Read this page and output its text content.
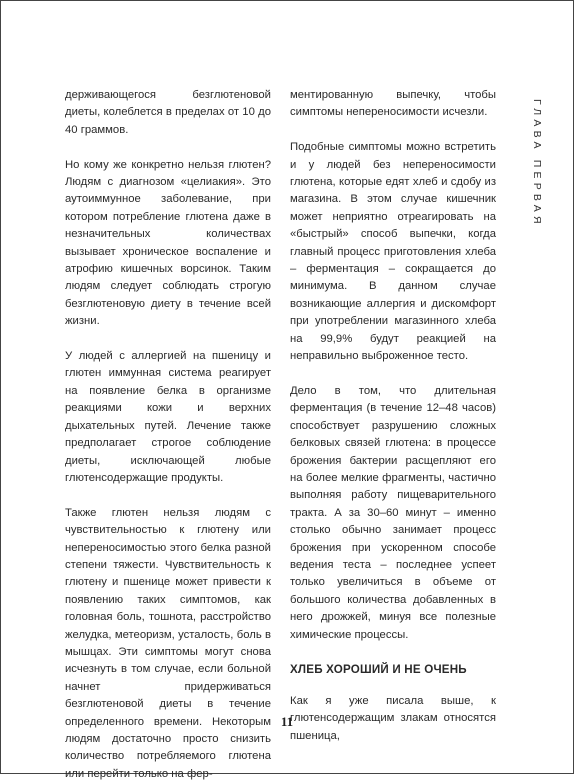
держивающегося безглютеновой диеты, колеблется в пределах от 10 до 40 граммов.

Но кому же конкретно нельзя глютен? Людям с диагнозом «целиакия». Это аутоиммунное заболевание, при котором потребление глютена даже в незначительных количествах вызывает хроническое воспаление и атрофию кишечных ворсинок. Таким людям следует соблюдать строгую безглютеновую диету в течение всей жизни.

У людей с аллергией на пшеницу и глютен иммунная система реагирует на появление белка в организме реакциями кожи и верхних дыхательных путей. Лечение также предполагает строгое соблюдение диеты, исключающей любые глютенсодержащие продукты.

Также глютен нельзя людям с чувствительностью к глютену или непереносимостью этого белка разной степени тяжести. Чувствительность к глютену и пшенице может привести к появлению таких симптомов, как головная боль, тошнота, расстройство желудка, метеоризм, усталость, боль в мышцах. Эти симптомы могут снова исчезнуть в том случае, если больной начнет придерживаться безглютеновой диеты в течение определенного времени. Некоторым людям достаточно просто снизить количество потребляемого глютена или перейти только на фер-

ментированную выпечку, чтобы симптомы непереносимости исчезли.

Подобные симптомы можно встретить и у людей без непереносимости глютена, которые едят хлеб и сдобу из магазина. В этом случае кишечник может неприятно отреагировать на «быстрый» способ выпечки, когда главный процесс приготовления хлеба – ферментация – сокращается до минимума. В данном случае возникающие аллергия и дискомфорт при употреблении магазинного хлеба на 99,9% будут реакцией на неправильно выброженное тесто.

Дело в том, что длительная ферментация (в течение 12–48 часов) способствует разрушению сложных белковых связей глютена: в процессе брожения бактерии расщепляют его на более мелкие фрагменты, частично выполняя работу пищеварительного тракта. А за 30–60 минут – именно столько обычно занимает процесс брожения при ускоренном способе ведения теста – последнее успеет только увеличиться в объеме от большого количества добавленных в него дрожжей, минуя все полезные химические процессы.

ХЛЕБ ХОРОШИЙ И НЕ ОЧЕНЬ

Как я уже писала выше, к глютенсодержащим злакам относятся пшеница,

ГЛАВА ПЕРВАЯ
11
